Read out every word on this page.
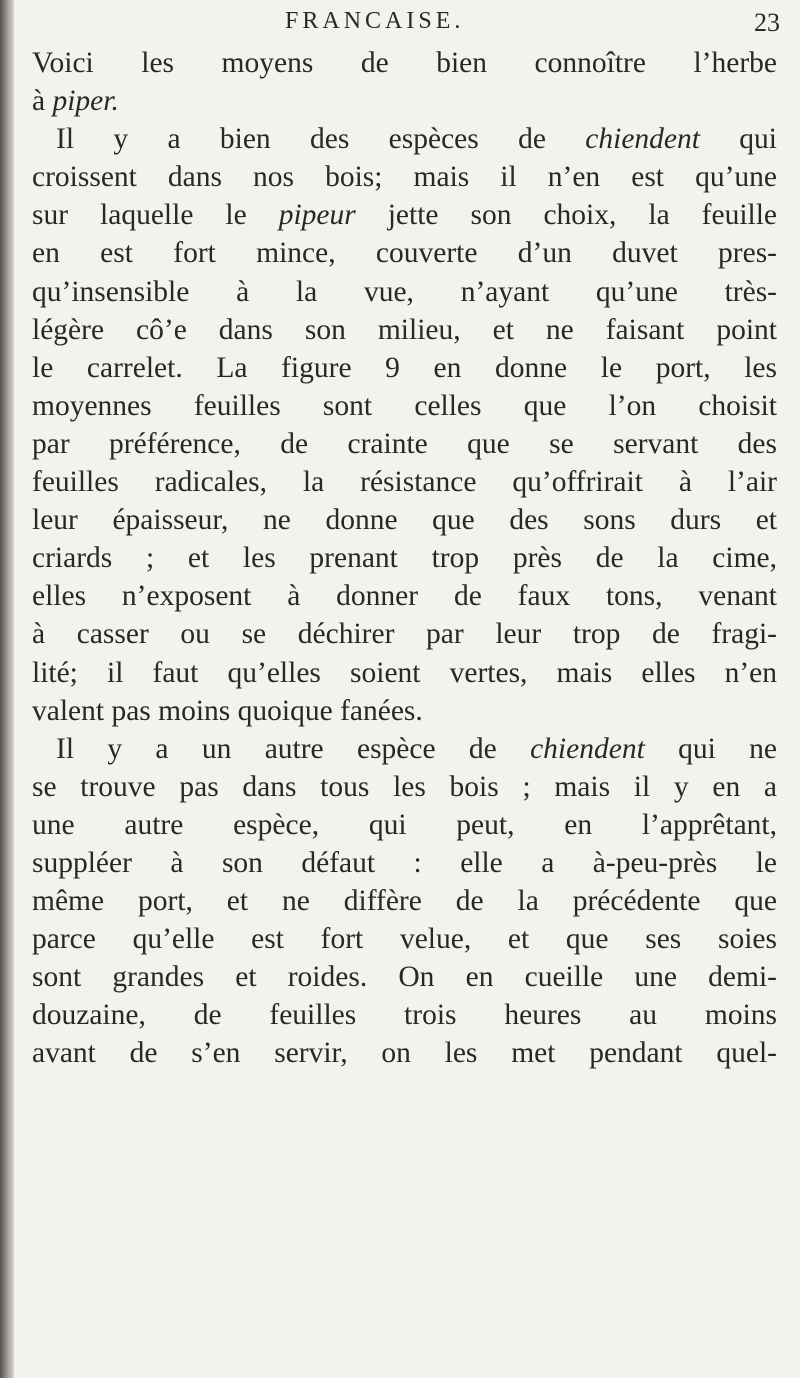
FRANCAISE.	23
Voici les moyens de bien connoître l’herbe
à piper.
Il y a bien des espèces de chiendent qui
croissent dans nos bois; mais il n’en est qu’une
sur laquelle le pipeur jette son choix, la feuille
en est fort mince, couverte d’un duvet pres-
qu’insensible à la vue, n’ayant qu’une très-
légère cô’e dans son milieu, et ne faisant point
le carrelet. La figure 9 en donne le port, les
moyennes feuilles sont celles que l’on choisit
par préférence, de crainte que se servant des
feuilles radicales, la résistance qu’offrirait à l’air
leur épaisseur, ne donne que des sons durs et
criards ; et les prenant trop près de la cime,
elles n’exposent à donner de faux tons, venant
à casser ou se déchirer par leur trop de fragi-
lité; il faut qu’elles soient vertes, mais elles n’en
valent pas moins quoique fanées.
Il y a un autre espèce de chiendent qui ne
se trouve pas dans tous les bois ; mais il y en a
une autre espèce, qui peut, en l’apprêtant,
suppléer à son défaut : elle a à-peu-près le
même port, et ne diffère de la précédente que
parce qu’elle est fort velue, et que ses soies
sont grandes et roides. On en cueille une demi-
douzaine, de feuilles trois heures au moins
avant de s’en servir, on les met pendant quel-
